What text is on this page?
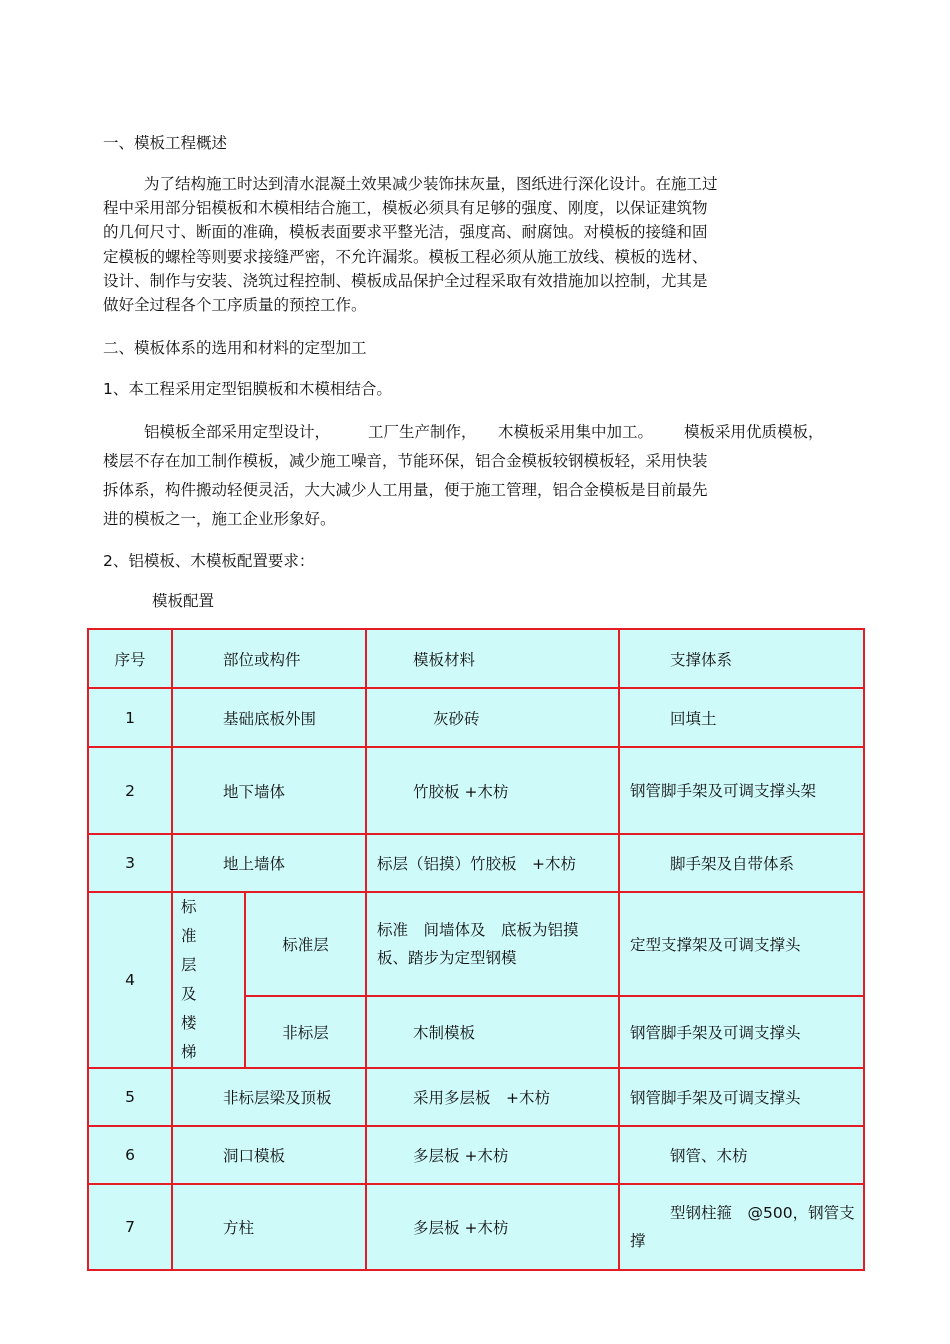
一、模板工程概述
为了结构施工时达到清水混凝土效果减少装饰抹灰量，图纸进行深化设计。在施工过
程中采用部分铝模板和木模相结合施工，模板必须具有足够的强度、刚度，以保证建筑物
的几何尺寸、断面的准确，模板表面要求平整光洁，强度高、耐腐蚀。对模板的接缝和固
定模板的螺栓等则要求接缝严密，不允许漏浆。模板工程必须从施工放线、模板的选材、
设计、制作与安装、浇筑过程控制、模板成品保护全过程采取有效措施加以控制，尤其是
做好全过程各个工序质量的预控工作。
二、模板体系的选用和材料的定型加工
1、本工程采用定型铝膜板和木模相结合。
铝模板全部采用定型设计， 工厂生产制作， 木模板采用集中加工。 模板采用优质模板，
楼层不存在加工制作模板，减少施工噪音，节能环保，铝合金模板较钢模板轻，采用快装
拆体系，构件搬动轻便灵活，大大减少人工用量，便于施工管理，铝合金模板是目前最先
进的模板之一，施工企业形象好。
2、铝模板、木模板配置要求：
模板配置
序号	部位或构件		模板材料	支撑体系
1	基础底板外围		灰砂砖	回填土
2	地下墙体		竹胶板 +木枋	钢管脚手架及可调支撑头架
3	地上墙体		标层（铝摸）竹胶板　+木枋	脚手架及自带体系
4	标准层及楼梯	标准层	标准　间墙体及　底板为铝摸板、踏步为定型钢模	定型支撑架及可调支撑头
		非标层	木制模板	钢管脚手架及可调支撑头
5	非标层梁及顶板		采用多层板　+木枋	钢管脚手架及可调支撑头
6	洞口模板		多层板 +木枋	钢管、木枋
7	方柱		多层板 +木枋	型钢柱箍　@500，钢管支撑
